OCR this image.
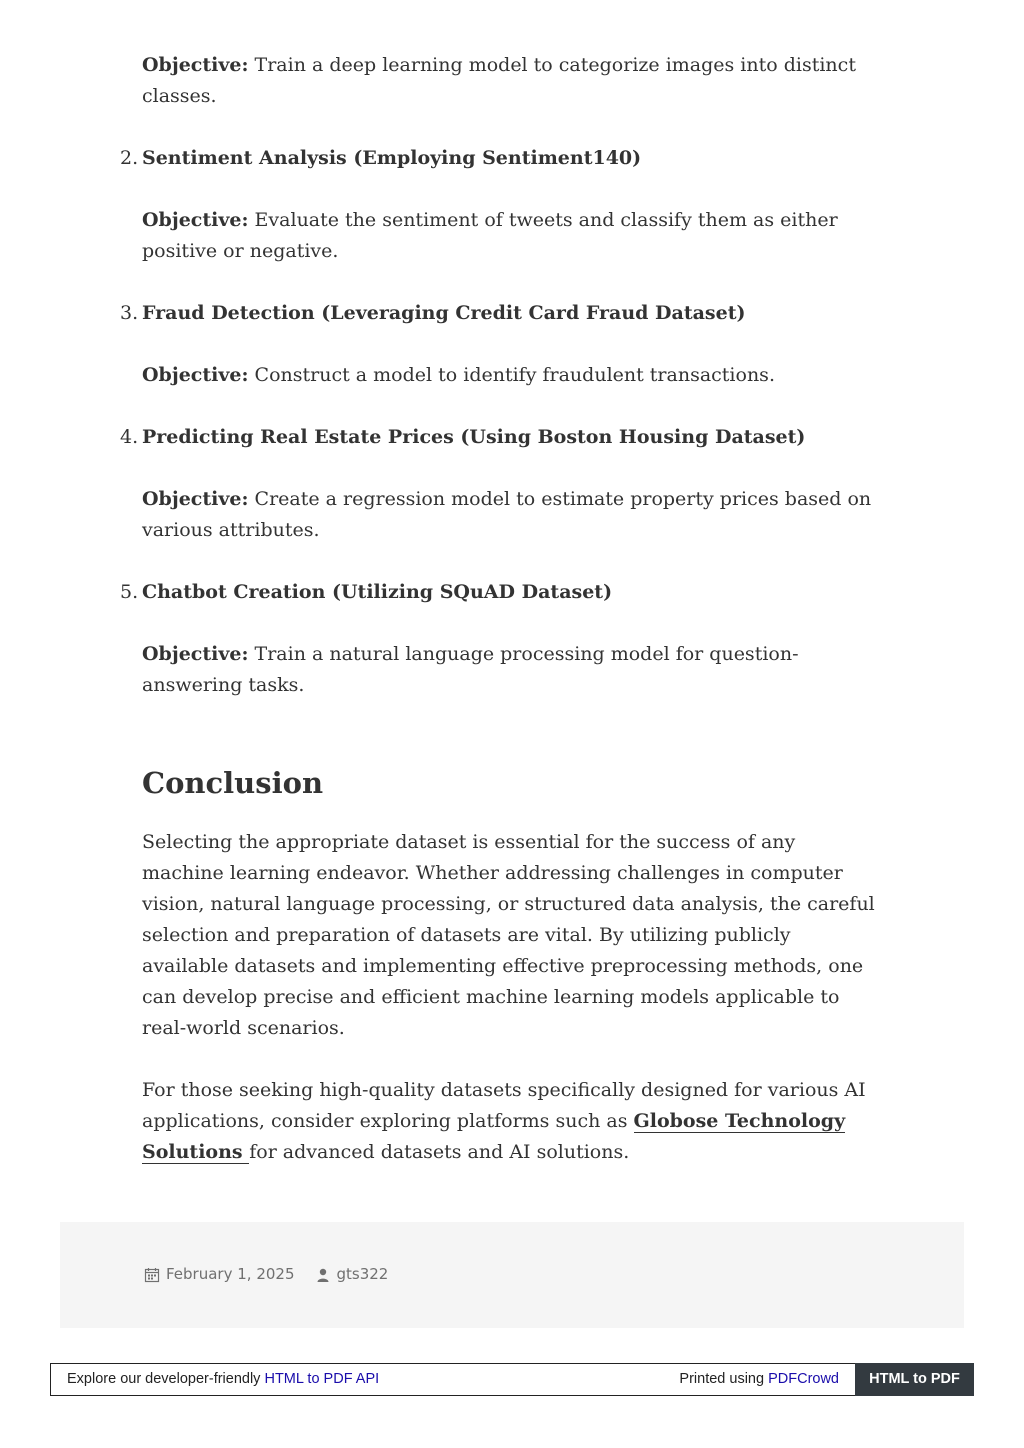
Objective: Train a deep learning model to categorize images into distinct classes.

2. Sentiment Analysis (Employing Sentiment140)

Objective: Evaluate the sentiment of tweets and classify them as either positive or negative.

3. Fraud Detection (Leveraging Credit Card Fraud Dataset)

Objective: Construct a model to identify fraudulent transactions.

4. Predicting Real Estate Prices (Using Boston Housing Dataset)

Objective: Create a regression model to estimate property prices based on various attributes.

5. Chatbot Creation (Utilizing SQuAD Dataset)

Objective: Train a natural language processing model for question-answering tasks.

Conclusion

Selecting the appropriate dataset is essential for the success of any machine learning endeavor. Whether addressing challenges in computer vision, natural language processing, or structured data analysis, the careful selection and preparation of datasets are vital. By utilizing publicly available datasets and implementing effective preprocessing methods, one can develop precise and efficient machine learning models applicable to real-world scenarios.

For those seeking high-quality datasets specifically designed for various AI applications, consider exploring platforms such as Globose Technology Solutions for advanced datasets and AI solutions.

February 1, 2025	gts322
Explore our developer-friendly HTML to PDF API	Printed using PDFCrowd	HTML to PDF
